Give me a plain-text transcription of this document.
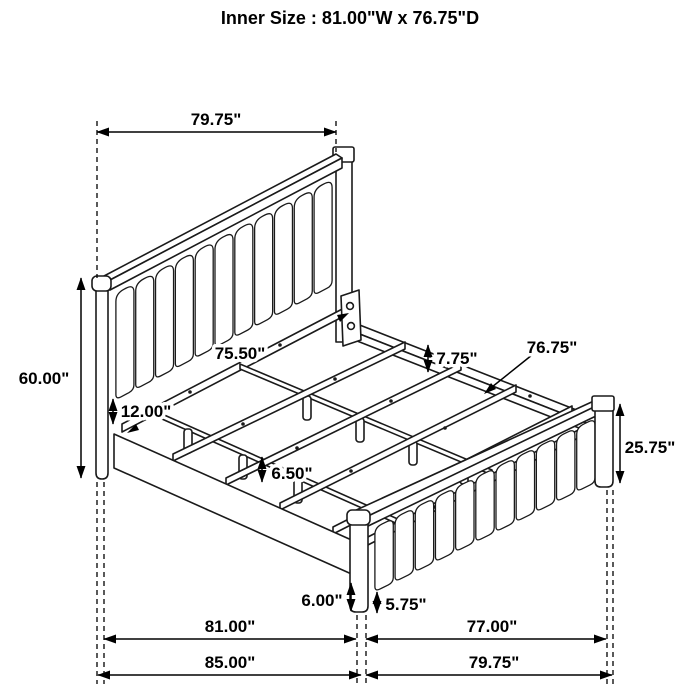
Inner Size : 81.00"W x 76.75"D
79.75"
60.00"
75.50"	7.75"
76.75"
12.00"
25.75"
6.50"
6.00"	5.75"
81.00"	77.00"
85.00"	79.75"
